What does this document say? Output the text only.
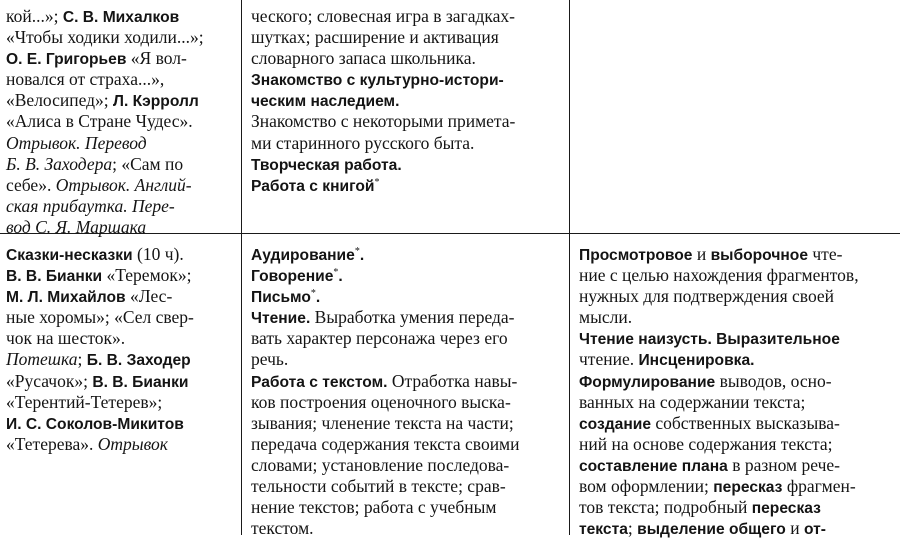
кой...»; С. В. Михалков
«Чтобы ходики ходили...»;
О. Е. Григорьев «Я вол-
новался от страха...»,
«Велосипед»; Л. Кэрролл
«Алиса в Стране Чудес».
Отрывок. Перевод
Б. В. Заходера; «Сам по
себе». Отрывок. Англий-
ская прибаутка. Пере-
вод С. Я. Маршака
ческого; словесная игра в загадках-
шутках; расширение и активация
словарного запаса школьника.
Знакомство с культурно-истори-
ческим наследием.
Знакомство с некоторыми примета-
ми старинного русского быта.
Творческая работа.
Работа с книгой*
Сказки-несказки (10 ч).
В. В. Бианки «Теремок»;
М. Л. Михайлов «Лес-
ные хоромы»; «Сел свер-
чок на шесток».
Потешка; Б. В. Заходер
«Русачок»; В. В. Бианки
«Терентий-Тетерев»;
И. С. Соколов-Микитов
«Тетерева». Отрывок
Аудирование*.
Говорение*.
Письмо*.
Чтение. Выработка умения переда-
вать характер персонажа через его
речь.
Работа с текстом. Отработка навы-
ков построения оценочного выска-
зывания; членение текста на части;
передача содержания текста своими
словами; установление последова-
тельности событий в тексте; срав-
нение текстов; работа с учебным
текстом.
Просмотровое и выборочное чте-
ние с целью нахождения фрагментов,
нужных для подтверждения своей
мысли.
Чтение наизусть. Выразительное
чтение. Инсценировка.
Формулирование выводов, осно-
ванных на содержании текста;
создание собственных высказыва-
ний на основе содержания текста;
составление плана в разном рече-
вом оформлении; пересказ фрагмен-
тов текста; подробный пересказ
текста; выделение общего и от-
